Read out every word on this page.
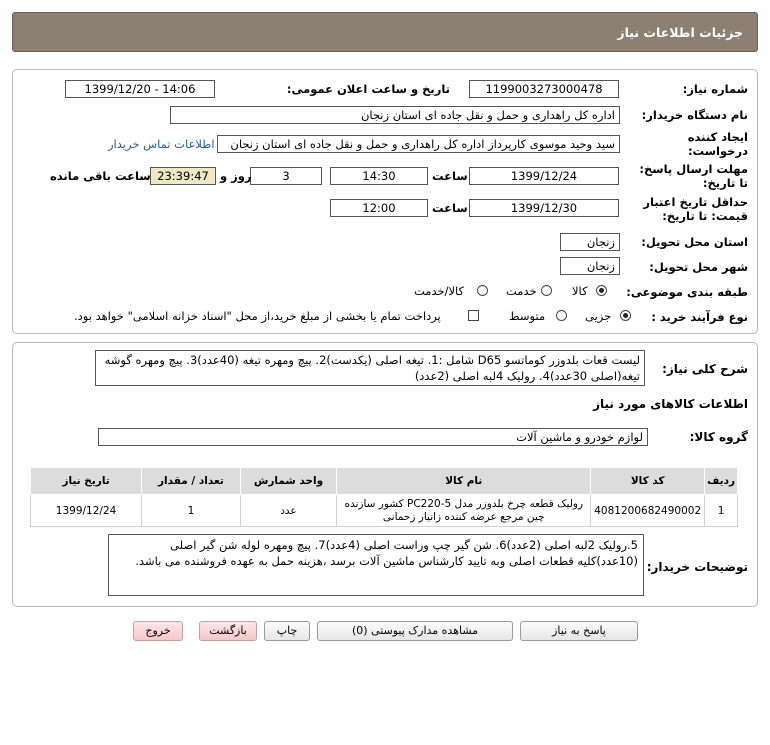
جزئیات اطلاعات نیاز
شماره نیاز:
1199003273000478
تاریخ و ساعت اعلان عمومی:
1399/12/20 - 14:06
نام دستگاه خریدار:
اداره کل راهداری و حمل و نقل جاده ای استان زنجان
ایجاد کننده درخواست:
سید وحید موسوی کارپرداز اداره کل راهداری و حمل و نقل جاده ای استان زنجان
اطلاعات تماس خریدار
مهلت ارسال پاسخ: تا تاریخ:
1399/12/24
ساعت
14:30
3
روز و
23:39:47
ساعت باقی مانده
حداقل تاریخ اعتبار قیمت: تا تاریخ:
1399/12/30
ساعت
12:00
استان محل تحویل:
زنجان
شهر محل تحویل:
زنجان
طبقه بندی موضوعی:
کالا
خدمت
کالا/خدمت
نوع فرآیند خرید :
جزیی
متوسط
پرداخت تمام یا بخشی از مبلغ خرید،از محل "اسناد خزانه اسلامی" خواهد بود.
شرح کلی نیاز:
لیست قعات بلدوزر کوماتسو D65 شامل :1. تیغه اصلی (یکدست)2. پیچ ومهره تیغه (40عدد)3. پیچ ومهره گوشه تیغه(اصلی 30عدد)4. رولیک 4لبه اصلی (2عدد)
اطلاعات کالاهای مورد نیاز
گروه کالا:
لوازم خودرو و ماشین آلات
ردیف	کد کالا	نام کالا	واحد شمارش	تعداد / مقدار	تاریخ نیاز
1	4081200682490002	رولیک قطعه چرخ بلدوزر مدل PC220-5 کشور سازنده چین مرجع عرضه کننده زانیار زحمانی	عدد	1	1399/12/24
توضیحات خریدار:
5.رولیک 2لبه اصلی (2عدد)6. شن گیر چپ وراست اصلی (4عدد)7. پیچ ومهره لوله شن گیر اصلی (10عدد)کلیه قطعات اصلی وبه تایید کارشناس ماشین آلات برسد ،هزینه حمل به عهده فروشنده می باشد.
پاسخ به نیاز
مشاهده مدارک پیوستی (0)
چاپ
بازگشت
خروج
